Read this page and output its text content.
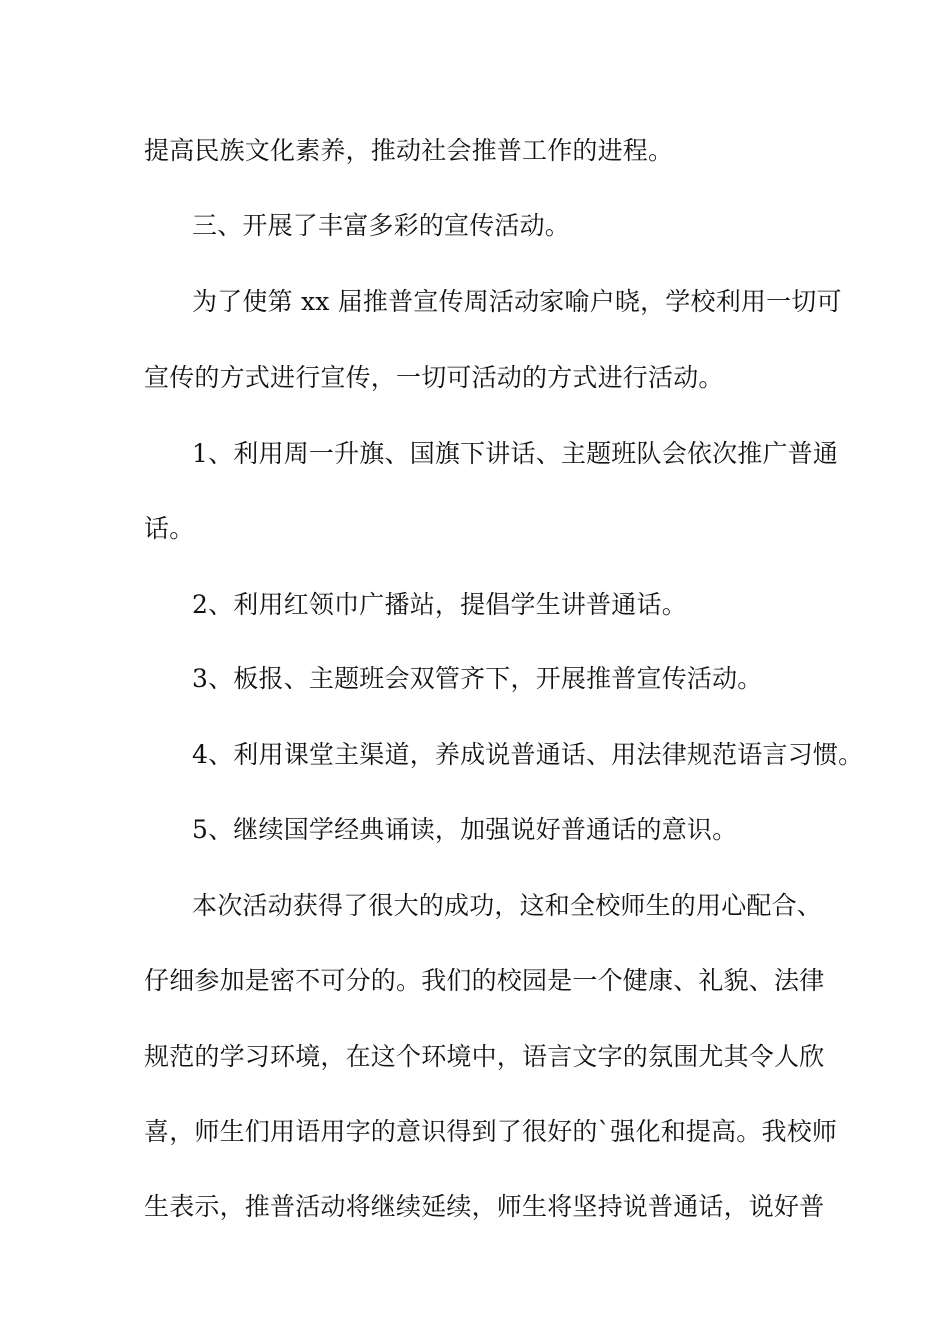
提高民族文化素养，推动社会推普工作的进程。
三、开展了丰富多彩的宣传活动。
为了使第 xx 届推普宣传周活动家喻户晓，学校利用一切可
宣传的方式进行宣传，一切可活动的方式进行活动。
1、利用周一升旗、国旗下讲话、主题班队会依次推广普通
话。
2、利用红领巾广播站，提倡学生讲普通话。
3、板报、主题班会双管齐下，开展推普宣传活动。
4、利用课堂主渠道，养成说普通话、用法律规范语言习惯。
5、继续国学经典诵读，加强说好普通话的意识。
本次活动获得了很大的成功，这和全校师生的用心配合、
仔细参加是密不可分的。我们的校园是一个健康、礼貌、法律
规范的学习环境，在这个环境中，语言文字的氛围尤其令人欣
喜，师生们用语用字的意识得到了很好的`强化和提高。我校师
生表示，推普活动将继续延续，师生将坚持说普通话，说好普
